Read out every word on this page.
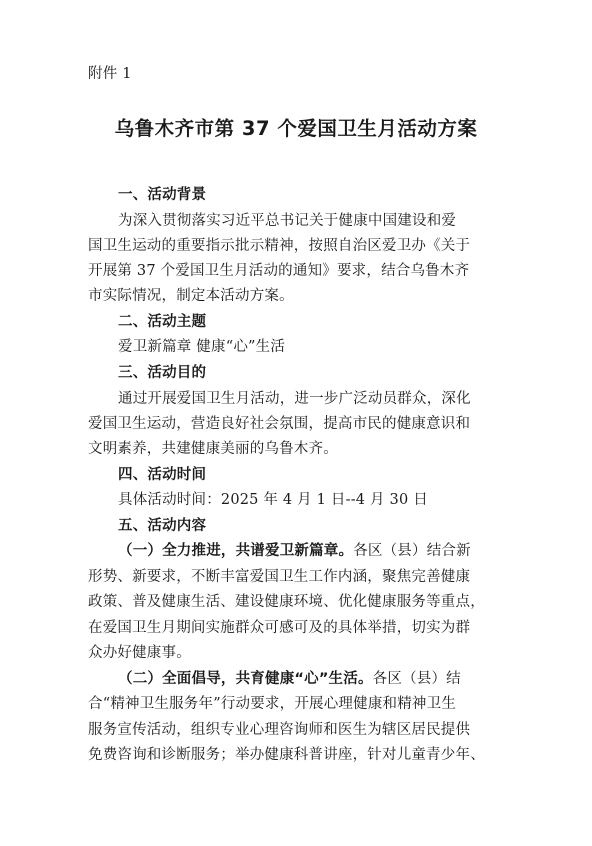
附件 1
乌鲁木齐市第 37 个爱国卫生月活动方案
一、活动背景
为深入贯彻落实习近平总书记关于健康中国建设和爱
国卫生运动的重要指示批示精神，按照自治区爱卫办《关于
开展第 37 个爱国卫生月活动的通知》要求，结合乌鲁木齐
市实际情况，制定本活动方案。
二、活动主题
爱卫新篇章 健康“心”生活
三、活动目的
通过开展爱国卫生月活动，进一步广泛动员群众，深化
爱国卫生运动，营造良好社会氛围，提高市民的健康意识和
文明素养，共建健康美丽的乌鲁木齐。
四、活动时间
具体活动时间：2025 年 4 月 1 日--4 月 30 日
五、活动内容
（一）全力推进，共谱爱卫新篇章。各区（县）结合新
形势、新要求，不断丰富爱国卫生工作内涵，聚焦完善健康
政策、普及健康生活、建设健康环境、优化健康服务等重点，
在爱国卫生月期间实施群众可感可及的具体举措，切实为群
众办好健康事。
（二）全面倡导，共育健康“心”生活。各区（县）结
合“精神卫生服务年”行动要求，开展心理健康和精神卫生
服务宣传活动，组织专业心理咨询师和医生为辖区居民提供
免费咨询和诊断服务；举办健康科普讲座，针对儿童青少年、
